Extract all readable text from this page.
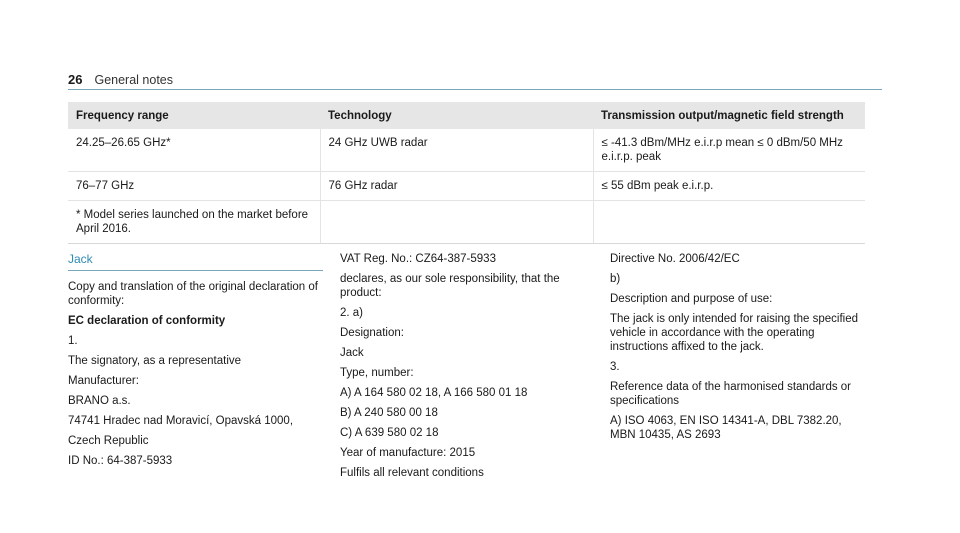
26 General notes
Frequency range	Technology	Transmission output/magnetic field strength
24.25–26.65 GHz*	24 GHz UWB radar	≤ -41.3 dBm/MHz e.i.r.p mean ≤ 0 dBm/50 MHz e.i.r.p. peak
76–77 GHz	76 GHz radar	≤ 55 dBm peak e.i.r.p.
* Model series launched on the market before April 2016.		
Jack

Copy and translation of the original declaration of conformity:

EC declaration of conformity

1.

The signatory, as a representative

Manufacturer:

BRANO a.s.

74741 Hradec nad Moravicí, Opavská 1000,

Czech Republic

ID No.: 64-387-5933

VAT Reg. No.: CZ64-387-5933

declares, as our sole responsibility, that the product:

2. a)

Designation:

Jack

Type, number:

A) A 164 580 02 18, A 166 580 01 18

B) A 240 580 00 18

C) A 639 580 02 18

Year of manufacture: 2015

Fulfils all relevant conditions

Directive No. 2006/42/EC

b)

Description and purpose of use:

The jack is only intended for raising the specified vehicle in accordance with the operating instructions affixed to the jack.

3.

Reference data of the harmonised standards or specifications

A) ISO 4063, EN ISO 14341-A, DBL 7382.20, MBN 10435, AS 2693
